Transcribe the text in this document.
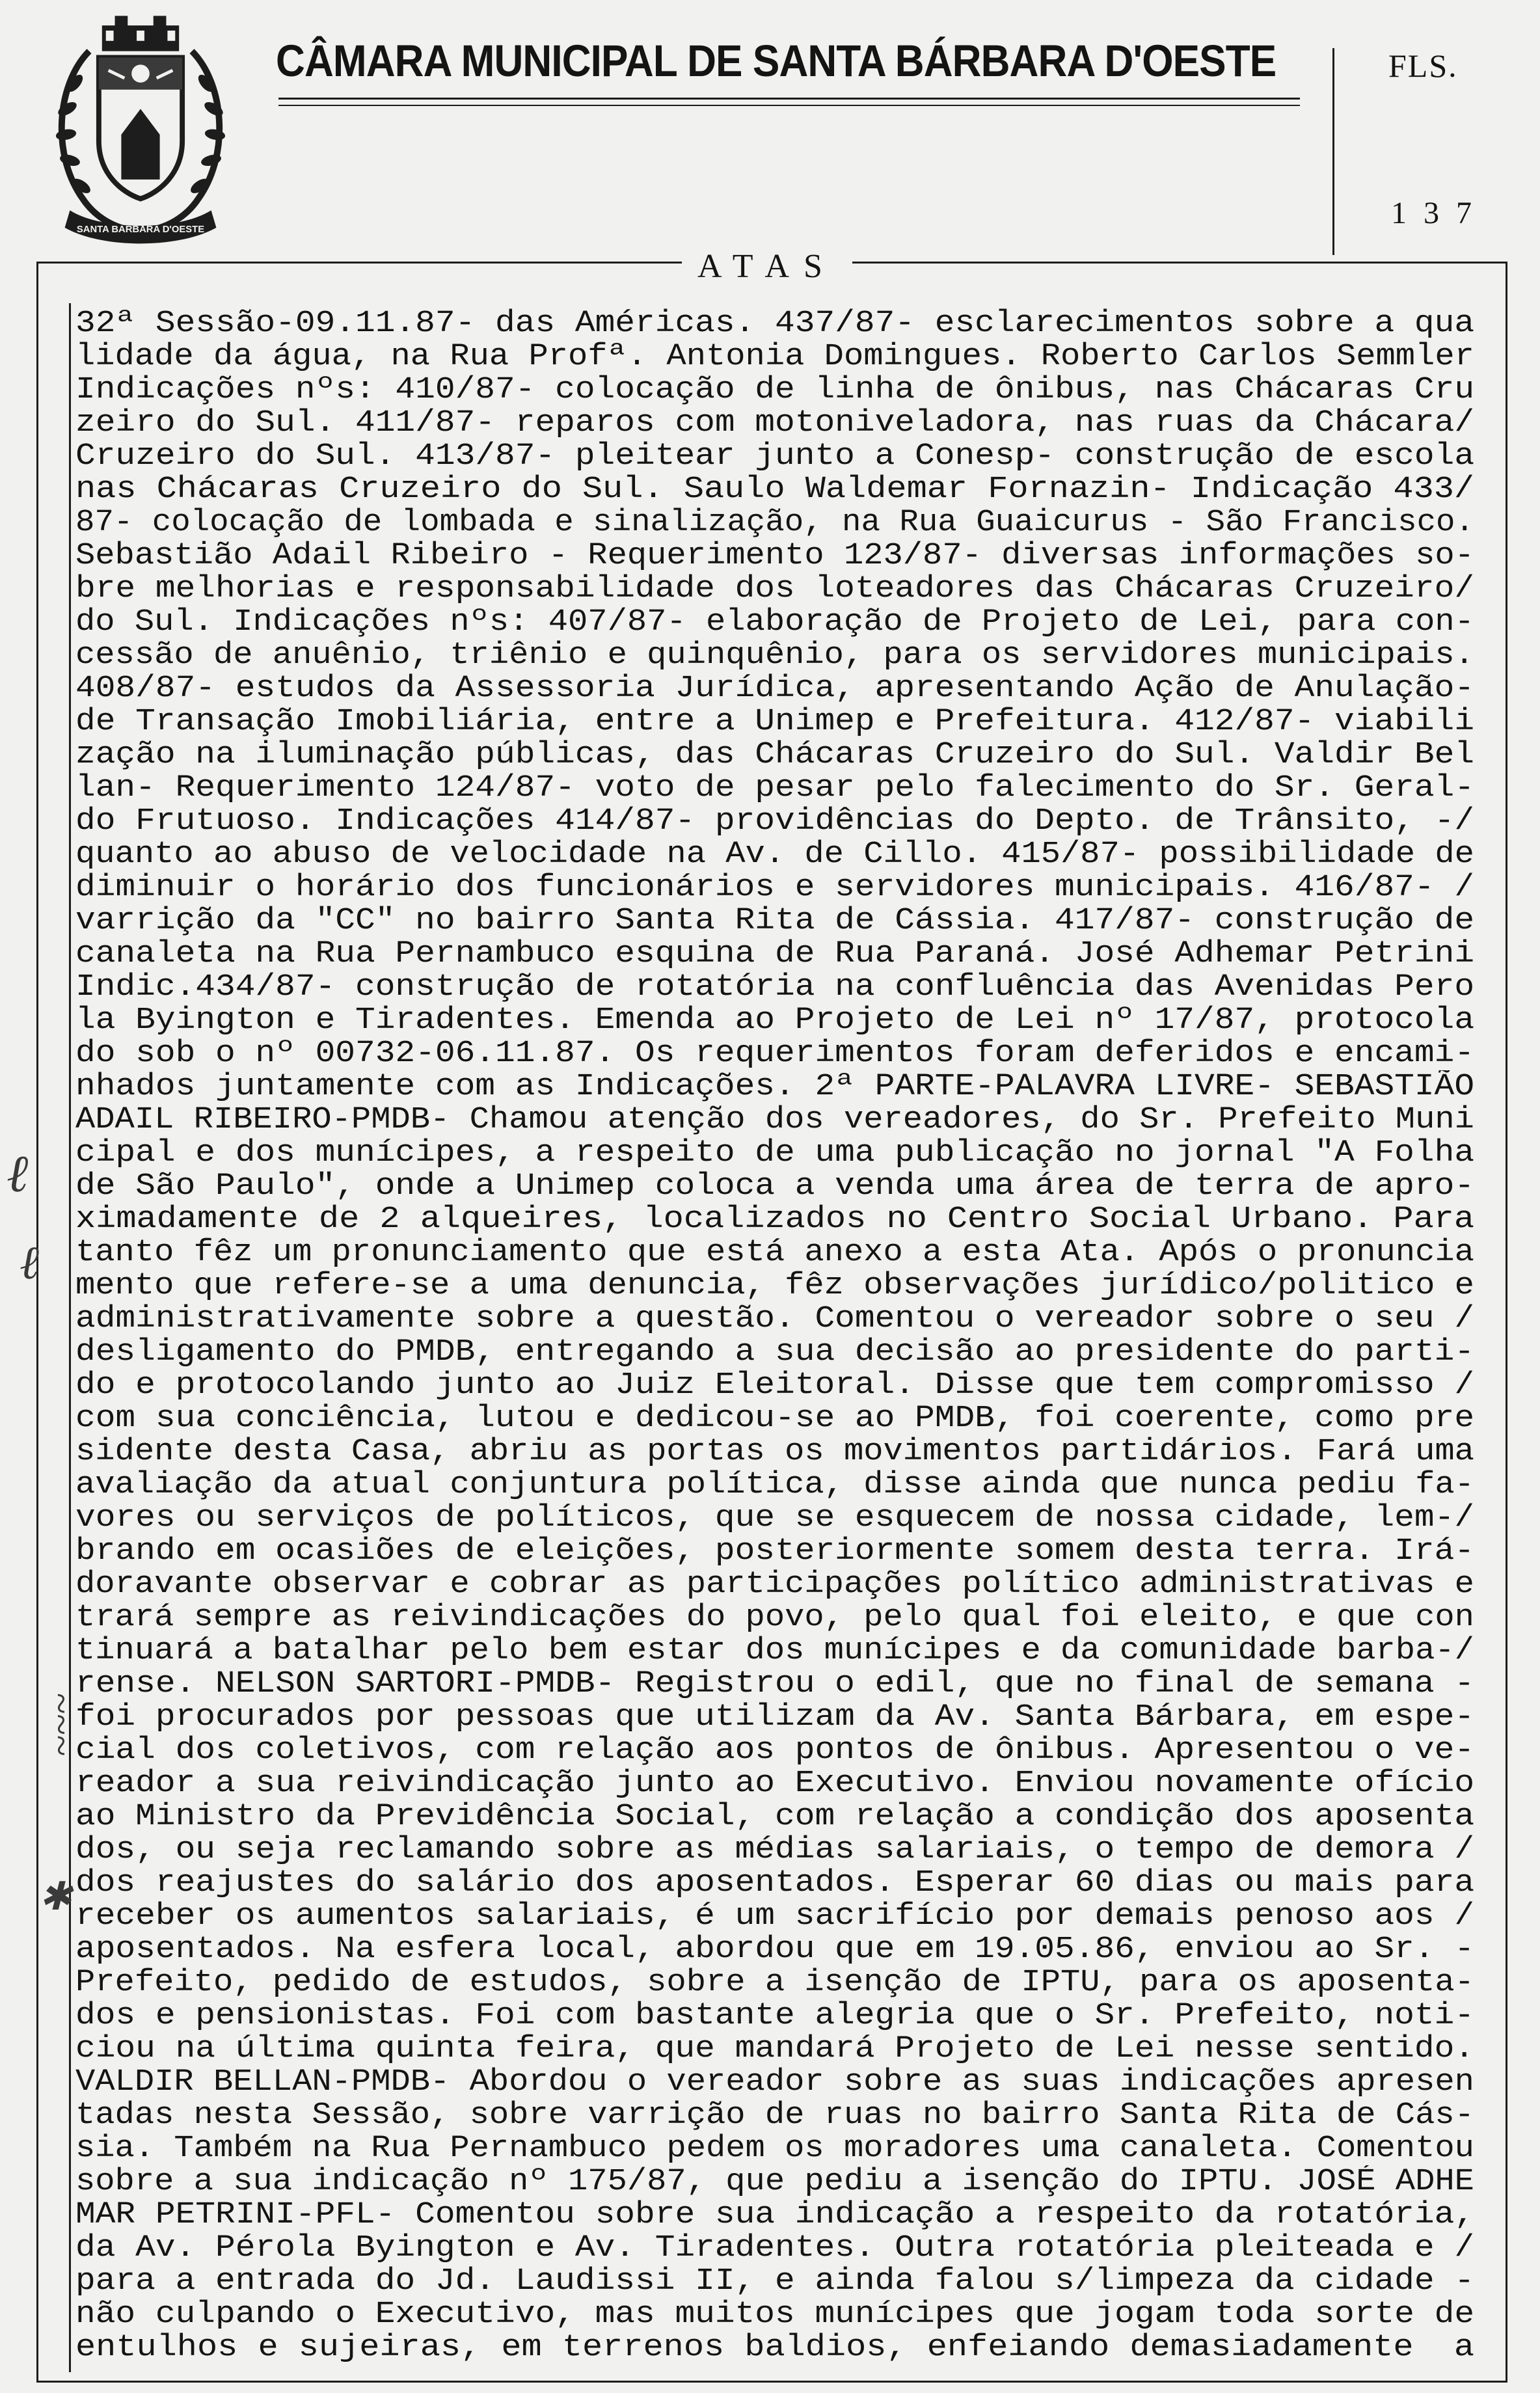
SANTA BARBARA D'OESTE
CÂMARA MUNICIPAL DE SANTA BÁRBARA D'OESTE	FLS.
137
ATAS
32ª Sessão-09.11.87- das Américas. 437/87- esclarecimentos sobre a qua
lidade da água, na Rua Profª. Antonia Domingues. Roberto Carlos Semmler
Indicações nºs: 410/87- colocação de linha de ônibus, nas Chácaras Cru
zeiro do Sul. 411/87- reparos com motoniveladora, nas ruas da Chácara/
Cruzeiro do Sul. 413/87- pleitear junto a Conesp- construção de escola
nas Chácaras Cruzeiro do Sul. Saulo Waldemar Fornazin- Indicação 433/
87- colocação de lombada e sinalização, na Rua Guaicurus - São Francisco.
Sebastião Adail Ribeiro - Requerimento 123/87- diversas informações so-
bre melhorias e responsabilidade dos loteadores das Chácaras Cruzeiro/
do Sul. Indicações nºs: 407/87- elaboração de Projeto de Lei, para con-
cessão de anuênio, triênio e quinquênio, para os servidores municipais.
408/87- estudos da Assessoria Jurídica, apresentando Ação de Anulação-
de Transação Imobiliária, entre a Unimep e Prefeitura. 412/87- viabili
zação na iluminação públicas, das Chácaras Cruzeiro do Sul. Valdir Bel
lan- Requerimento 124/87- voto de pesar pelo falecimento do Sr. Geral-
do Frutuoso. Indicações 414/87- providências do Depto. de Trânsito, -/
quanto ao abuso de velocidade na Av. de Cillo. 415/87- possibilidade de
diminuir o horário dos funcionários e servidores municipais. 416/87- /
varrição da "CC" no bairro Santa Rita de Cássia. 417/87- construção de
canaleta na Rua Pernambuco esquina de Rua Paraná. José Adhemar Petrini
Indic.434/87- construção de rotatória na confluência das Avenidas Pero
la Byington e Tiradentes. Emenda ao Projeto de Lei nº 17/87, protocola
do sob o nº 00732-06.11.87. Os requerimentos foram deferidos e encami-
nhados juntamente com as Indicações. 2ª PARTE-PALAVRA LIVRE- SEBASTIÃO
ADAIL RIBEIRO-PMDB- Chamou atenção dos vereadores, do Sr. Prefeito Muni
cipal e dos munícipes, a respeito de uma publicação no jornal "A Folha
de São Paulo", onde a Unimep coloca a venda uma área de terra de apro-
ximadamente de 2 alqueires, localizados no Centro Social Urbano. Para
tanto fêz um pronunciamento que está anexo a esta Ata. Após o pronuncia
mento que refere-se a uma denuncia, fêz observações jurídico/politico e
administrativamente sobre a questão. Comentou o vereador sobre o seu /
desligamento do PMDB, entregando a sua decisão ao presidente do parti-
do e protocolando junto ao Juiz Eleitoral. Disse que tem compromisso /
com sua conciência, lutou e dedicou-se ao PMDB, foi coerente, como pre
sidente desta Casa, abriu as portas os movimentos partidários. Fará uma
avaliação da atual conjuntura política, disse ainda que nunca pediu fa-
vores ou serviços de políticos, que se esquecem de nossa cidade, lem-/
brando em ocasiões de eleições, posteriormente somem desta terra. Irá-
doravante observar e cobrar as participações político administrativas e
trará sempre as reivindicações do povo, pelo qual foi eleito, e que con
tinuará a batalhar pelo bem estar dos munícipes e da comunidade barba-/
rense. NELSON SARTORI-PMDB- Registrou o edil, que no final de semana -
foi procurados por pessoas que utilizam da Av. Santa Bárbara, em espe-
cial dos coletivos, com relação aos pontos de ônibus. Apresentou o ve-
reador a sua reivindicação junto ao Executivo. Enviou novamente ofício
ao Ministro da Previdência Social, com relação a condição dos aposenta
dos, ou seja reclamando sobre as médias salariais, o tempo de demora /
dos reajustes do salário dos aposentados. Esperar 60 dias ou mais para
receber os aumentos salariais, é um sacrifício por demais penoso aos /
aposentados. Na esfera local, abordou que em 19.05.86, enviou ao Sr. -
Prefeito, pedido de estudos, sobre a isenção de IPTU, para os aposenta-
dos e pensionistas. Foi com bastante alegria que o Sr. Prefeito, noti-
ciou na última quinta feira, que mandará Projeto de Lei nesse sentido.
VALDIR BELLAN-PMDB- Abordou o vereador sobre as suas indicações apresen
tadas nesta Sessão, sobre varrição de ruas no bairro Santa Rita de Cás-
sia. Também na Rua Pernambuco pedem os moradores uma canaleta. Comentou
sobre a sua indicação nº 175/87, que pediu a isenção do IPTU. JOSÉ ADHE
MAR PETRINI-PFL- Comentou sobre sua indicação a respeito da rotatória,
da Av. Pérola Byington e Av. Tiradentes. Outra rotatória pleiteada e /
para a entrada do Jd. Laudissi II, e ainda falou s/limpeza da cidade -
não culpando o Executivo, mas muitos munícipes que jogam toda sorte de
entulhos e sujeiras, em terrenos baldios, enfeiando demasiadamente  a
ℓ
ℓ
~~~
✱
